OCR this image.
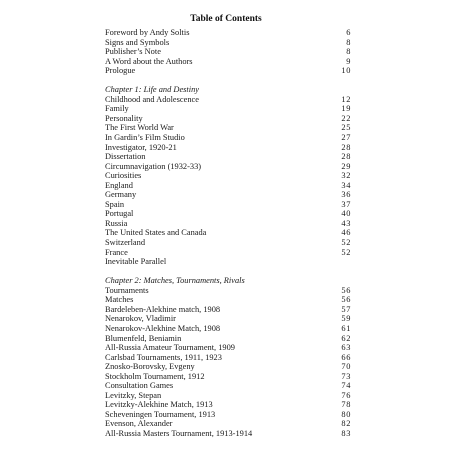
Table of Contents
Foreword by Andy Soltis	6
Signs and Symbols	8
Publisher’s Note	8
A Word about the Authors	9
Prologue	10
Chapter 1: Life and Destiny
Childhood and Adolescence	12
Family	19
Personality	22
The First World War	25
In Gardin’s Film Studio	27
Investigator, 1920-21	28
Dissertation	28
Circumnavigation (1932-33)	29
Curiosities	32
England	34
Germany	36
Spain	37
Portugal	40
Russia	43
The United States and Canada	46
Switzerland	52
France	52
Inevitable Parallel
Chapter 2: Matches, Tournaments, Rivals
Tournaments	56
Matches	56
Bardeleben-Alekhine match, 1908	57
Nenarokov, Vladimir	59
Nenarokov-Alekhine Match, 1908	61
Blumenfeld, Beniamin	62
All-Russia Amateur Tournament, 1909	63
Carlsbad Tournaments, 1911, 1923	66
Znosko-Borovsky, Evgeny	70
Stockholm Tournament, 1912	73
Consultation Games	74
Levitzky, Stepan	76
Levitzky-Alekhine Match, 1913	78
Scheveningen Tournament, 1913	80
Evenson, Alexander	82
All-Russia Masters Tournament, 1913-1914	83
